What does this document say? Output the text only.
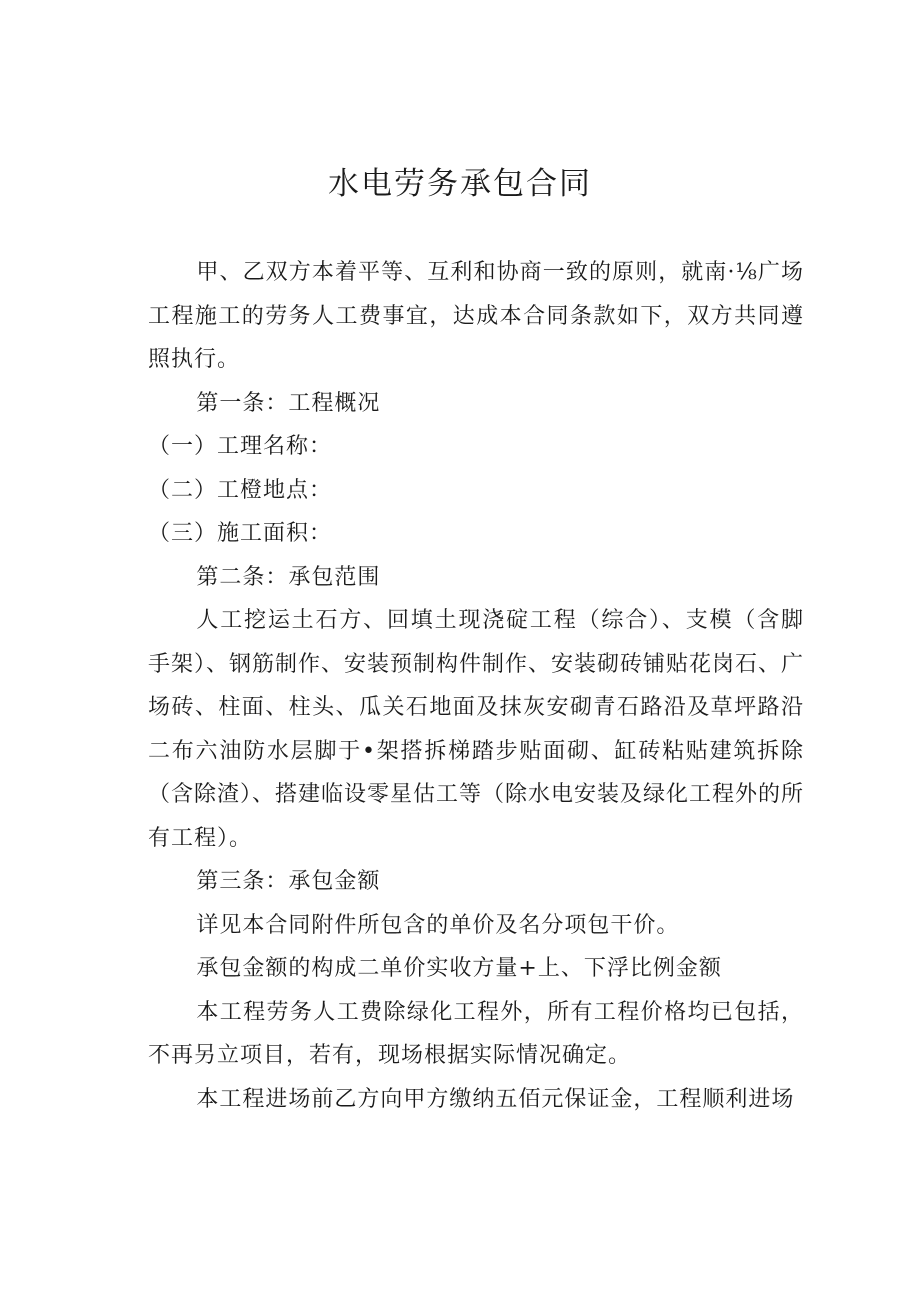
水电劳务承包合同

甲、乙双方本着平等、互利和协商一致的原则，就南·⅛广场工程施工的劳务人工费事宜，达成本合同条款如下，双方共同遵照执行。

第一条：工程概况

（一）工理名称：

（二）工橙地点：

（三）施工面积：

第二条：承包范围

人工挖运土石方、回填土现浇碇工程（综合）、支模（含脚手架）、钢筋制作、安装预制构件制作、安装砌砖铺贴花岗石、广场砖、柱面、柱头、瓜关石地面及抹灰安砌青石路沿及草坪路沿二布六油防水层脚于•架搭拆梯踏步贴面砌、缸砖粘贴建筑拆除（含除渣）、搭建临设零星估工等（除水电安装及绿化工程外的所有工程）。

第三条：承包金额

详见本合同附件所包含的单价及名分项包干价。

承包金额的构成二单价实收方量+上、下浮比例金额

本工程劳务人工费除绿化工程外，所有工程价格均已包括，不再另立项目，若有，现场根据实际情况确定。

本工程进场前乙方向甲方缴纳五佰元保证金，工程顺利进场
